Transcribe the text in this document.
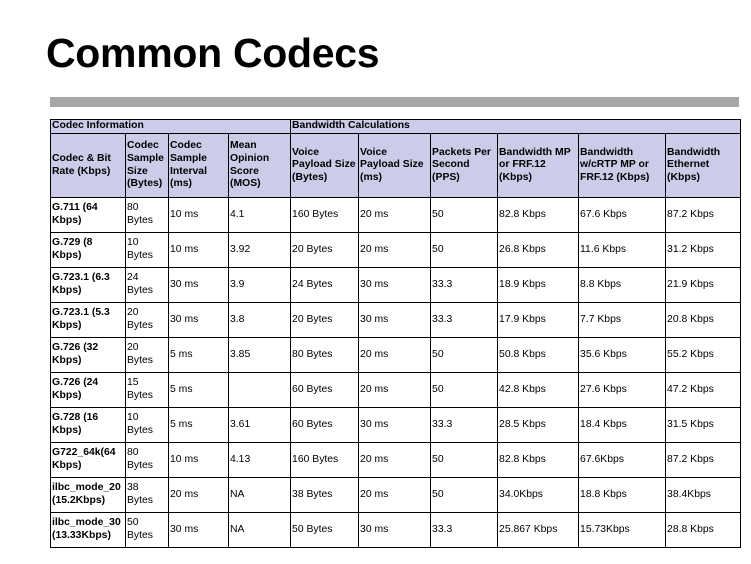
Common Codecs
Codec Information				Bandwidth Calculations					
Codec & Bit Rate (Kbps)	Codec Sample Size (Bytes)	Codec Sample Interval (ms)	Mean Opinion Score (MOS)	Voice Payload Size (Bytes)	Voice Payload Size (ms)	Packets Per Second (PPS)	Bandwidth MP or FRF.12 (Kbps)	Bandwidth w/cRTP MP or FRF.12 (Kbps)	Bandwidth Ethernet (Kbps)
G.711 (64 Kbps)	80 Bytes	10 ms	4.1	160 Bytes	20 ms	50	82.8 Kbps	67.6 Kbps	87.2 Kbps
G.729 (8 Kbps)	10 Bytes	10 ms	3.92	20 Bytes	20 ms	50	26.8 Kbps	11.6 Kbps	31.2 Kbps
G.723.1 (6.3 Kbps)	24 Bytes	30 ms	3.9	24 Bytes	30 ms	33.3	18.9 Kbps	8.8 Kbps	21.9 Kbps
G.723.1 (5.3 Kbps)	20 Bytes	30 ms	3.8	20 Bytes	30 ms	33.3	17.9 Kbps	7.7 Kbps	20.8 Kbps
G.726 (32 Kbps)	20 Bytes	5 ms	3.85	80 Bytes	20 ms	50	50.8 Kbps	35.6 Kbps	55.2 Kbps
G.726 (24 Kbps)	15 Bytes	5 ms		60 Bytes	20 ms	50	42.8 Kbps	27.6 Kbps	47.2 Kbps
G.728 (16 Kbps)	10 Bytes	5 ms	3.61	60 Bytes	30 ms	33.3	28.5 Kbps	18.4 Kbps	31.5 Kbps
G722_64k(64 Kbps)	80 Bytes	10 ms	4.13	160 Bytes	20 ms	50	82.8 Kbps	67.6Kbps	87.2 Kbps
ilbc_mode_20 (15.2Kbps)	38 Bytes	20 ms	NA	38 Bytes	20 ms	50	34.0Kbps	18.8 Kbps	38.4Kbps
ilbc_mode_30 (13.33Kbps)	50 Bytes	30 ms	NA	50 Bytes	30 ms	33.3	25.867 Kbps	15.73Kbps	28.8 Kbps
